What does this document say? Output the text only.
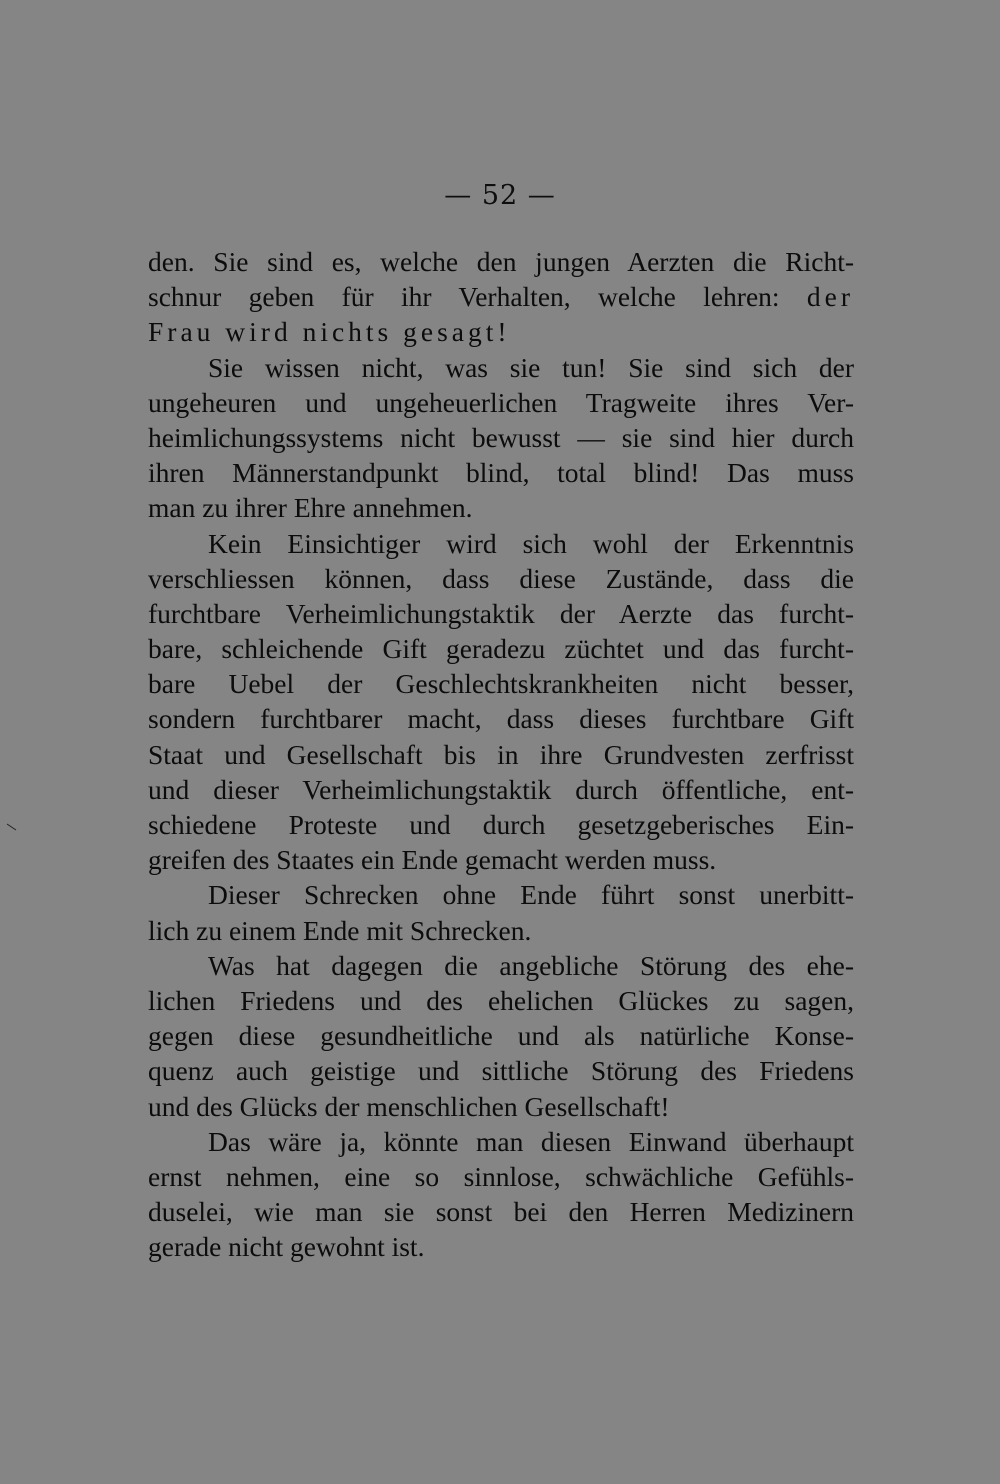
— 52 —
den. Sie sind es, welche den jungen Aerzten die Richt-
schnur geben für ihr Verhalten, welche lehren: der
Frau wird nichts gesagt!
Sie wissen nicht, was sie tun! Sie sind sich der
ungeheuren und ungeheuerlichen Tragweite ihres Ver-
heimlichungssystems nicht bewusst — sie sind hier durch
ihren Männerstandpunkt blind, total blind! Das muss
man zu ihrer Ehre annehmen.
Kein Einsichtiger wird sich wohl der Erkenntnis
verschliessen können, dass diese Zustände, dass die
furchtbare Verheimlichungstaktik der Aerzte das furcht-
bare, schleichende Gift geradezu züchtet und das furcht-
bare Uebel der Geschlechtskrankheiten nicht besser,
sondern furchtbarer macht, dass dieses furchtbare Gift
Staat und Gesellschaft bis in ihre Grundvesten zerfrisst
und dieser Verheimlichungstaktik durch öffentliche, ent-
schiedene Proteste und durch gesetzgeberisches Ein-
greifen des Staates ein Ende gemacht werden muss.
Dieser Schrecken ohne Ende führt sonst unerbitt-
lich zu einem Ende mit Schrecken.
Was hat dagegen die angebliche Störung des ehe-
lichen Friedens und des ehelichen Glückes zu sagen,
gegen diese gesundheitliche und als natürliche Konse-
quenz auch geistige und sittliche Störung des Friedens
und des Glücks der menschlichen Gesellschaft!
Das wäre ja, könnte man diesen Einwand überhaupt
ernst nehmen, eine so sinnlose, schwächliche Gefühls-
duselei, wie man sie sonst bei den Herren Medizinern
gerade nicht gewohnt ist.
